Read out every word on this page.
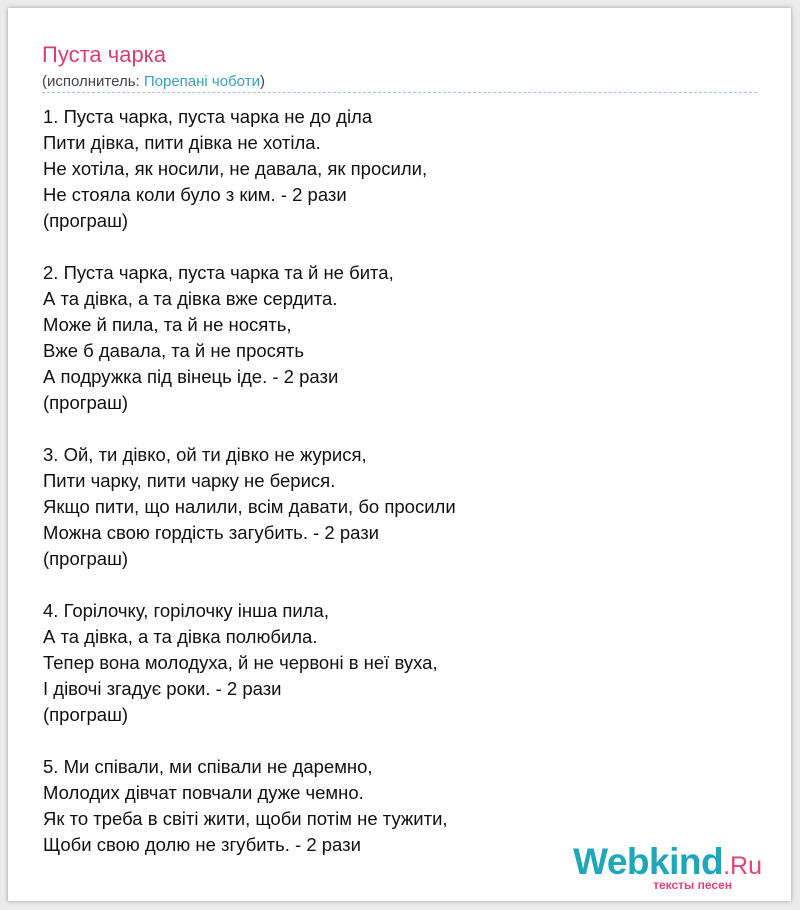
Пуста чарка
(исполнитель: Порепані чоботи)
1. Пуста чарка, пуста чарка не до діла
Пити дівка, пити дівка не хотіла.
Не хотіла, як носили, не давала, як просили,
Не стояла коли було з ким. - 2 рази
(програш)
2. Пуста чарка, пуста чарка та й не бита,
А та дівка, а та дівка вже сердита.
Може й пила, та й не носять,
Вже б давала, та й не просять
А подружка під вінець іде. - 2 рази
(програш)
3. Ой, ти дівко, ой ти дівко не журися,
Пити чарку, пити чарку не берися.
Якщо пити, що налили, всім давати, бо просили
Можна свою гордість загубить. - 2 рази
(програш)
4. Горілочку, горілочку інша пила,
А та дівка, а та дівка полюбила.
Тепер вона молодуха, й не червоні в неї вуха,
І дівочі згадує роки. - 2 рази
(програш)
5. Ми співали, ми співали не даремно,
Молодих дівчат повчали дуже чемно.
Як то треба в світі жити, щоби потім не тужити,
Щоби свою долю не згубить. - 2 рази	Webkind.Ru
тексты песен
